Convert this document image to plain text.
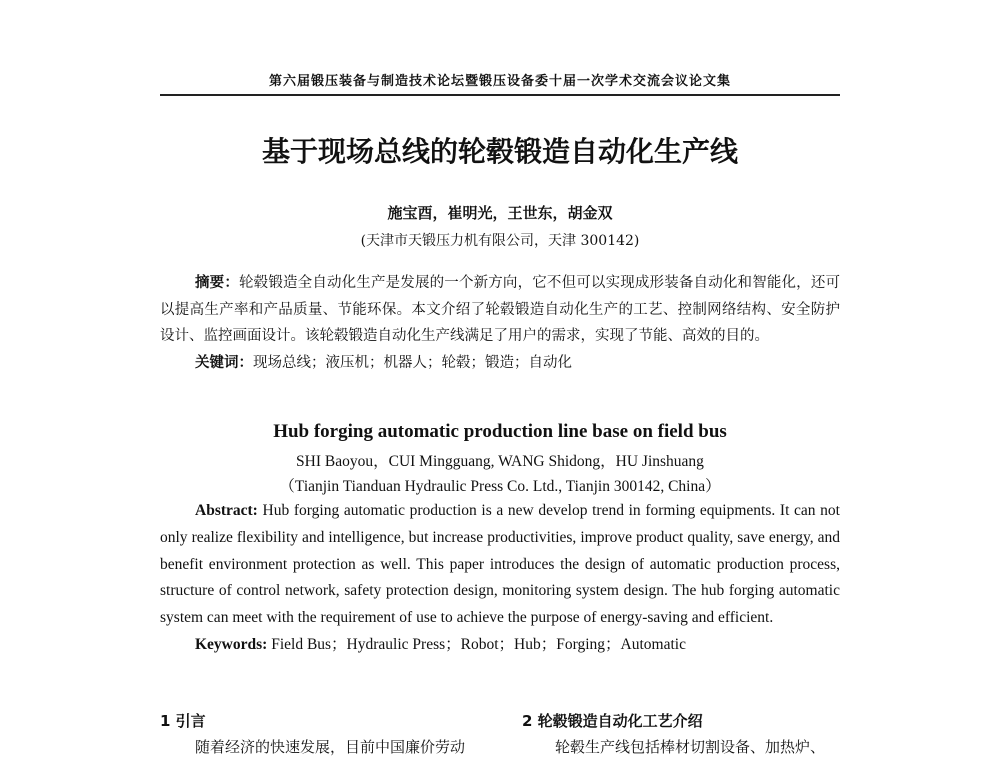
第六届锻压装备与制造技术论坛暨锻压设备委十届一次学术交流会议论文集
基于现场总线的轮毂锻造自动化生产线
施宝酉，崔明光，王世东，胡金双
(天津市天锻压力机有限公司，天津 300142)

摘要：轮毂锻造全自动化生产是发展的一个新方向，它不但可以实现成形装备自动化和智能化，还可以提高生产率和产品质量、节能环保。本文介绍了轮毂锻造自动化生产的工艺、控制网络结构、安全防护设计、监控画面设计。该轮毂锻造自动化生产线满足了用户的需求，实现了节能、高效的目的。

关键词：现场总线；液压机；机器人；轮毂；锻造；自动化

Hub forging automatic production line base on field bus
SHI Baoyou，CUI Mingguang, WANG Shidong，HU Jinshuang
（Tianjin Tianduan Hydraulic Press Co. Ltd., Tianjin 300142, China）

Abstract: Hub forging automatic production is a new develop trend in forming equipments. It can not only realize flexibility and intelligence, but increase productivities, improve product quality, save energy, and benefit environment protection as well. This paper introduces the design of automatic production process, structure of control network, safety protection design, monitoring system design. The hub forging automatic system can meet with the requirement of use to achieve the purpose of energy-saving and efficient.

Keywords: Field Bus；Hydraulic Press；Robot；Hub；Forging；Automatic

1 引言
随着经济的快速发展，目前中国廉价劳动
2 轮毂锻造自动化工艺介绍
轮毂生产线包括棒材切割设备、加热炉、
